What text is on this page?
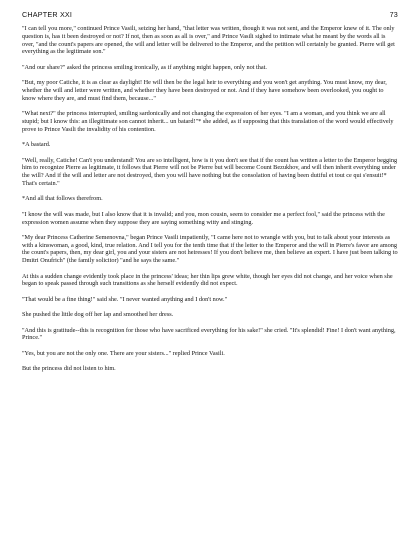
CHAPTER XXI	73

"I can tell you more," continued Prince Vasili, seizing her hand, "that letter was written, though it was not sent, and the Emperor knew of it. The only question is, has it been destroyed or not? If not, then as soon as all is over," and Prince Vasili sighed to intimate what he meant by the words all is over, "and the count's papers are opened, the will and letter will be delivered to the Emperor, and the petition will certainly be granted. Pierre will get everything as the legitimate son."

"And our share?" asked the princess smiling ironically, as if anything might happen, only not that.

"But, my poor Catiche, it is as clear as daylight! He will then be the legal heir to everything and you won't get anything. You must know, my dear, whether the will and letter were written, and whether they have been destroyed or not. And if they have somehow been overlooked, you ought to know where they are, and must find them, because..."

"What next?" the princess interrupted, smiling sardonically and not changing the expression of her eyes. "I am a woman, and you think we are all stupid; but I know this: an illegitimate son cannot inherit... un batard!"* she added, as if supposing that this translation of the word would effectively prove to Prince Vasili the invalidity of his contention.

*A bastard.

"Well, really, Catiche! Can't you understand! You are so intelligent, how is it you don't see that if the count has written a letter to the Emperor begging him to recognize Pierre as legitimate, it follows that Pierre will not be Pierre but will become Count Bezukhov, and will then inherit everything under the will? And if the will and letter are not destroyed, then you will have nothing but the consolation of having been dutiful et tout ce qui s'ensuit!* That's certain."

*And all that follows therefrom.

"I know the will was made, but I also know that it is invalid; and you, mon cousin, seem to consider me a perfect fool," said the princess with the expression women assume when they suppose they are saying something witty and stinging.

"My dear Princess Catherine Semenovna," began Prince Vasili impatiently, "I came here not to wrangle with you, but to talk about your interests as with a kinswoman, a good, kind, true relation. And I tell you for the tenth time that if the letter to the Emperor and the will in Pierre's favor are among the count's papers, then, my dear girl, you and your sisters are not heiresses! If you don't believe me, then believe an expert. I have just been talking to Dmitri Onufrich" (the family solicitor) "and he says the same."

At this a sudden change evidently took place in the princess' ideas; her thin lips grew white, though her eyes did not change, and her voice when she began to speak passed through such transitions as she herself evidently did not expect.

"That would be a fine thing!" said she. "I never wanted anything and I don't now."

She pushed the little dog off her lap and smoothed her dress.

"And this is gratitude--this is recognition for those who have sacrificed everything for his sake!" she cried. "It's splendid! Fine! I don't want anything, Prince."

"Yes, but you are not the only one. There are your sisters..." replied Prince Vasili.

But the princess did not listen to him.
